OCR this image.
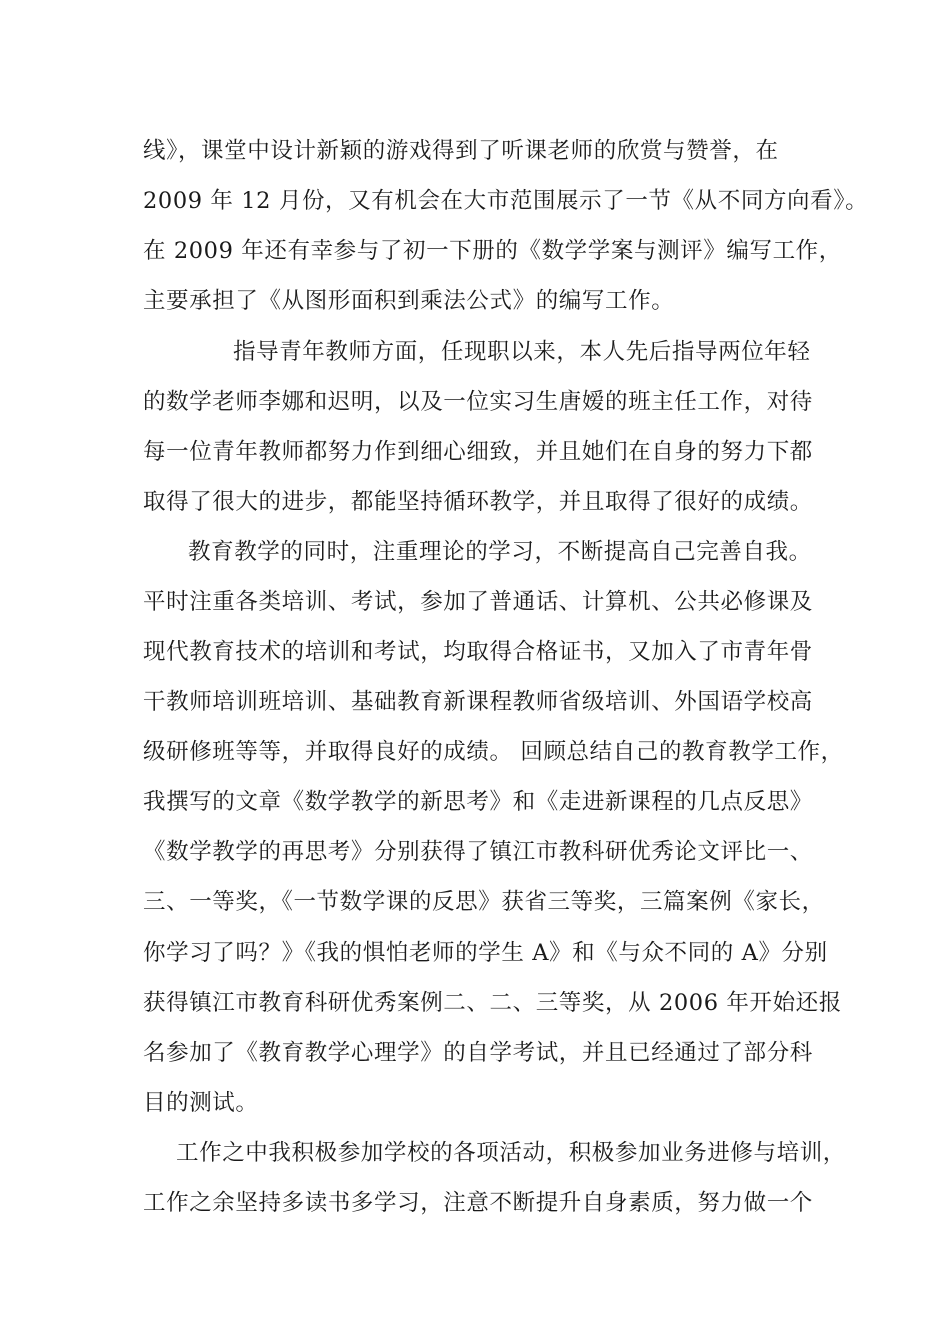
线》，课堂中设计新颖的游戏得到了听课老师的欣赏与赞誉，在
2009 年 12 月份，又有机会在大市范围展示了一节《从不同方向看》。
在 2009 年还有幸参与了初一下册的《数学学案与测评》编写工作，
主要承担了《从图形面积到乘法公式》的编写工作。
指导青年教师方面，任现职以来，本人先后指导两位年轻
的数学老师李娜和迟明，以及一位实习生唐嫒的班主任工作，对待
每一位青年教师都努力作到细心细致，并且她们在自身的努力下都
取得了很大的进步，都能坚持循环教学，并且取得了很好的成绩。
教育教学的同时，注重理论的学习，不断提高自己完善自我。
平时注重各类培训、考试，参加了普通话、计算机、公共必修课及
现代教育技术的培训和考试，均取得合格证书，又加入了市青年骨
干教师培训班培训、基础教育新课程教师省级培训、外国语学校高
级研修班等等，并取得良好的成绩。 回顾总结自己的教育教学工作，
我撰写的文章《数学教学的新思考》和《走进新课程的几点反思》
《数学教学的再思考》分别获得了镇江市教科研优秀论文评比一、
三、一等奖，《一节数学课的反思》获省三等奖，三篇案例《家长，
你学习了吗？》《我的惧怕老师的学生 A》和《与众不同的 A》分别
获得镇江市教育科研优秀案例二、二、三等奖，从 2006 年开始还报
名参加了《教育教学心理学》的自学考试，并且已经通过了部分科
目的测试。
工作之中我积极参加学校的各项活动，积极参加业务进修与培训，
工作之余坚持多读书多学习，注意不断提升自身素质，努力做一个
